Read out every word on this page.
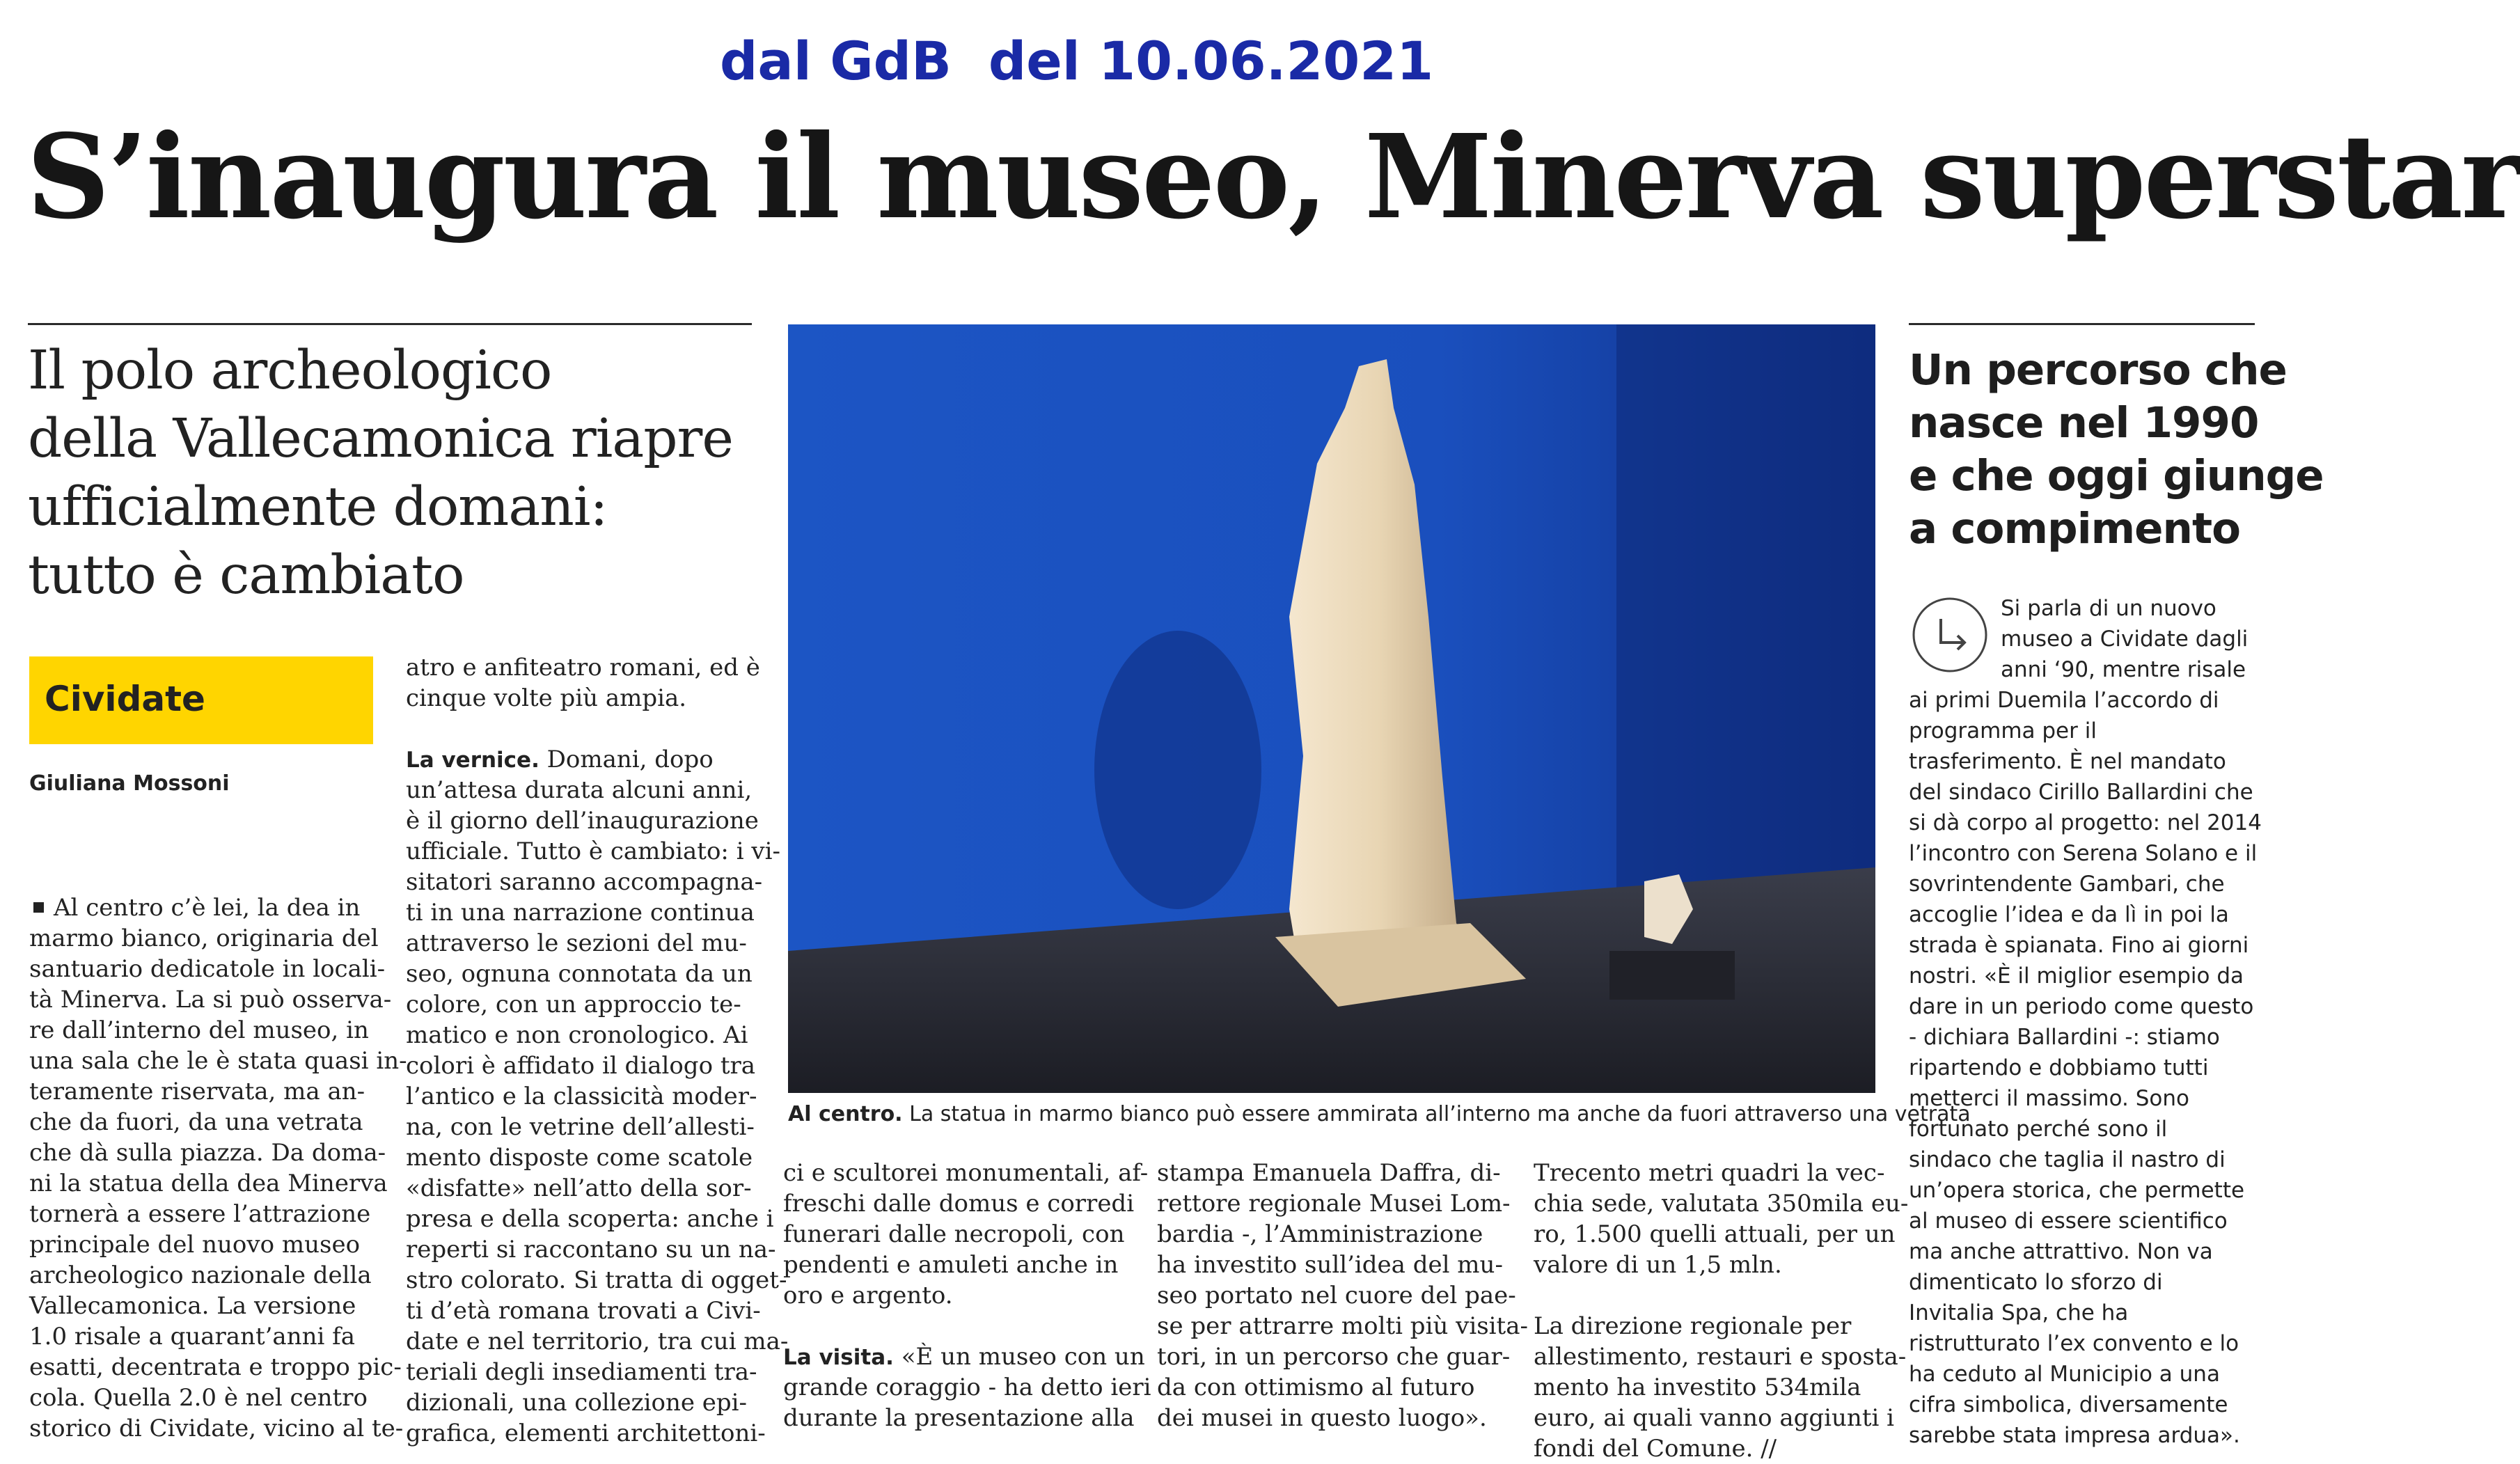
dal GdB  del 10.06.2021
S’inaugura il museo, Minerva superstar
Il polo archeologico
della Vallecamonica riapre
ufficialmente domani:
tutto è cambiato
Cividate
Giuliana Mossoni
Al centro c’è lei, la dea in
marmo bianco, originaria del
santuario dedicatole in locali-
tà Minerva. La si può osserva-
re dall’interno del museo, in
una sala che le è stata quasi in-
teramente riservata, ma an-
che da fuori, da una vetrata
che dà sulla piazza. Da doma-
ni la statua della dea Minerva
tornerà a essere l’attrazione
principale del nuovo museo
archeologico nazionale della
Vallecamonica. La versione
1.0 risale a quarant’anni fa
esatti, decentrata e troppo pic-
cola. Quella 2.0 è nel centro
storico di Cividate, vicino al te-
atro e anfiteatro romani, ed è
cinque volte più ampia.
La vernice. Domani, dopo
un’attesa durata alcuni anni,
è il giorno dell’inaugurazione
ufficiale. Tutto è cambiato: i vi-
sitatori saranno accompagna-
ti in una narrazione continua
attraverso le sezioni del mu-
seo, ognuna connotata da un
colore, con un approccio te-
matico e non cronologico. Ai
colori è affidato il dialogo tra
l’antico e la classicità moder-
na, con le vetrine dell’allesti-
mento disposte come scatole
«disfatte» nell’atto della sor-
presa e della scoperta: anche i
reperti si raccontano su un na-
stro colorato. Si tratta di ogget-
ti d’età romana trovati a Civi-
date e nel territorio, tra cui ma-
teriali degli insediamenti tra-
dizionali, una collezione epi-
grafica, elementi architettoni-
Al centro. La statua in marmo bianco può essere ammirata all’interno ma anche da fuori attraverso una vetrata
ci e scultorei monumentali, af-
freschi dalle domus e corredi
funerari dalle necropoli, con
pendenti e amuleti anche in
oro e argento.
La visita. «È un museo con un
grande coraggio - ha detto ieri
durante la presentazione alla
stampa Emanuela Daffra, di-
rettore regionale Musei Lom-
bardia -, l’Amministrazione
ha investito sull’idea del mu-
seo portato nel cuore del pae-
se per attrarre molti più visita-
tori, in un percorso che guar-
da con ottimismo al futuro
dei musei in questo luogo».
Trecento metri quadri la vec-
chia sede, valutata 350mila eu-
ro, 1.500 quelli attuali, per un
valore di un 1,5 mln.
La direzione regionale per
allestimento, restauri e sposta-
mento ha investito 534mila
euro, ai quali vanno aggiunti i
fondi del Comune. //
Un percorso che
nasce nel 1990
e che oggi giunge
a compimento
Si parla di un nuovo
museo a Cividate dagli
anni ‘90, mentre risale
ai primi Duemila l’accordo di
programma per il
trasferimento. È nel mandato
del sindaco Cirillo Ballardini che
si dà corpo al progetto: nel 2014
l’incontro con Serena Solano e il
sovrintendente Gambari, che
accoglie l’idea e da lì in poi la
strada è spianata. Fino ai giorni
nostri. «È il miglior esempio da
dare in un periodo come questo
- dichiara Ballardini -: stiamo
ripartendo e dobbiamo tutti
metterci il massimo. Sono
fortunato perché sono il
sindaco che taglia il nastro di
un’opera storica, che permette
al museo di essere scientifico
ma anche attrattivo. Non va
dimenticato lo sforzo di
Invitalia Spa, che ha
ristrutturato l’ex convento e lo
ha ceduto al Municipio a una
cifra simbolica, diversamente
sarebbe stata impresa ardua».
